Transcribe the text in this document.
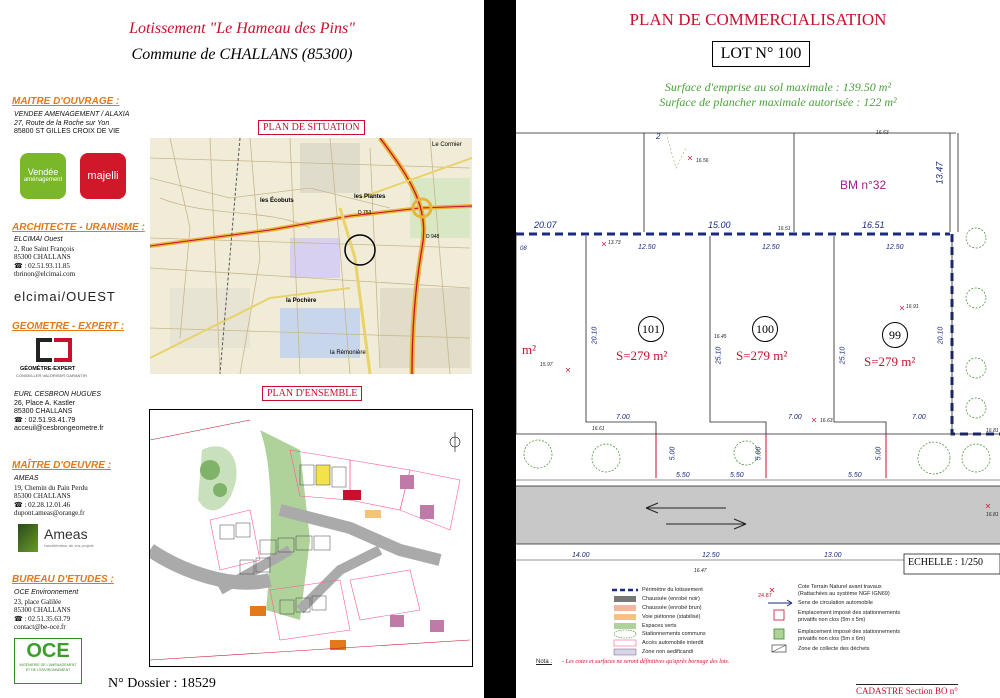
Lotissement "Le Hameau des Pins"
Commune de CHALLANS (85300)
MAITRE D'OUVRAGE :
VENDEE AMENAGEMENT / ALAXIA
27, Route de la Roche sur Yon
85800 ST GILLES CROIX DE VIE
Vendée
aménagement	majelli
ARCHITECTE - URANISME :
ELCIMAI Ouest
2, Rue Saint François
85300 CHALLANS
☎ : 02.51.93.11.85
tbrinon@elcimai.com
elcimai/OUEST
GEOMETRE - EXPERT :
GÉOMÈTRE-EXPERT
CONSEILLER VALORISER GARANTIR
EURL CESBRON HUGUES
26, Place A. Kastler
85300 CHALLANS
☎ : 02.51.93.41.79
acceuil@cesbrongeometre.fr
MAÎTRE D'OEUVRE :
AMEAS
19, Chemin du Pain Perdu
85300 CHALLANS
☎ : 02.28.12.01.46
dupont.ameas@orange.fr
Ameas
l'accélérateur de vos projets
BUREAU D'ETUDES :
OCE Environnement
23, place Galilée
85300 CHALLANS
☎ : 02.51.35.63.79
contact@be-oce.fr
OCE
INGÉNIERIE DE L'AMÉNAGEMENT ET DE L'ENVIRONNEMENT
les Plantes
Le Cormier
la Pochère
la Rémonière
les Écobuts
D 753
D 948
PLAN DE SITUATION
PLAN D'ENSEMBLE
N° Dossier : 18529
PLAN DE COMMERCIALISATION
LOT N° 100
Surface d'emprise au sol maximale : 139.50 m²
Surface de plancher maximale autorisée : 122 m²
BM n°32
20.07	15.00	16.51
13.47
2
08	12.50	12.50	12.50
20.10
25.10	25.10
20.10
7.00	7.00	7.00
5.00	5.00	5.00
5.50	5.50	5.50
14.00	12.50	13.00
16.56
16.53
16.51
13.73
16.91
16.45
15.97
16.63
16.61
16.81
16.47
16.81
101
S=279 m²
100
S=279 m²
99
S=279 m²
m²
ECHELLE : 1/250
Périmètre du lotissement
Chaussée (enrobé noir)
Chaussée (enrobé brun)
Voie piétonne (stabilisé)
Espaces verts
Stationnements communs
Accès automobile interdit
Zone non aedificandi
24.87
Cote Terrain Naturel avant travaux
(Rattachées au système NGF IGN69)
Sens de circulation automobile
Emplacement imposé des stationnements
privatifs non clos (5m x 5m)
Emplacement imposé des stationnements
privatifs non clos (5m x 6m)
Zone de collecte des déchets
Nota : - Les cotes et surfaces ne seront définitives qu'après bornage des lots.
CADASTRE Section BO n°
